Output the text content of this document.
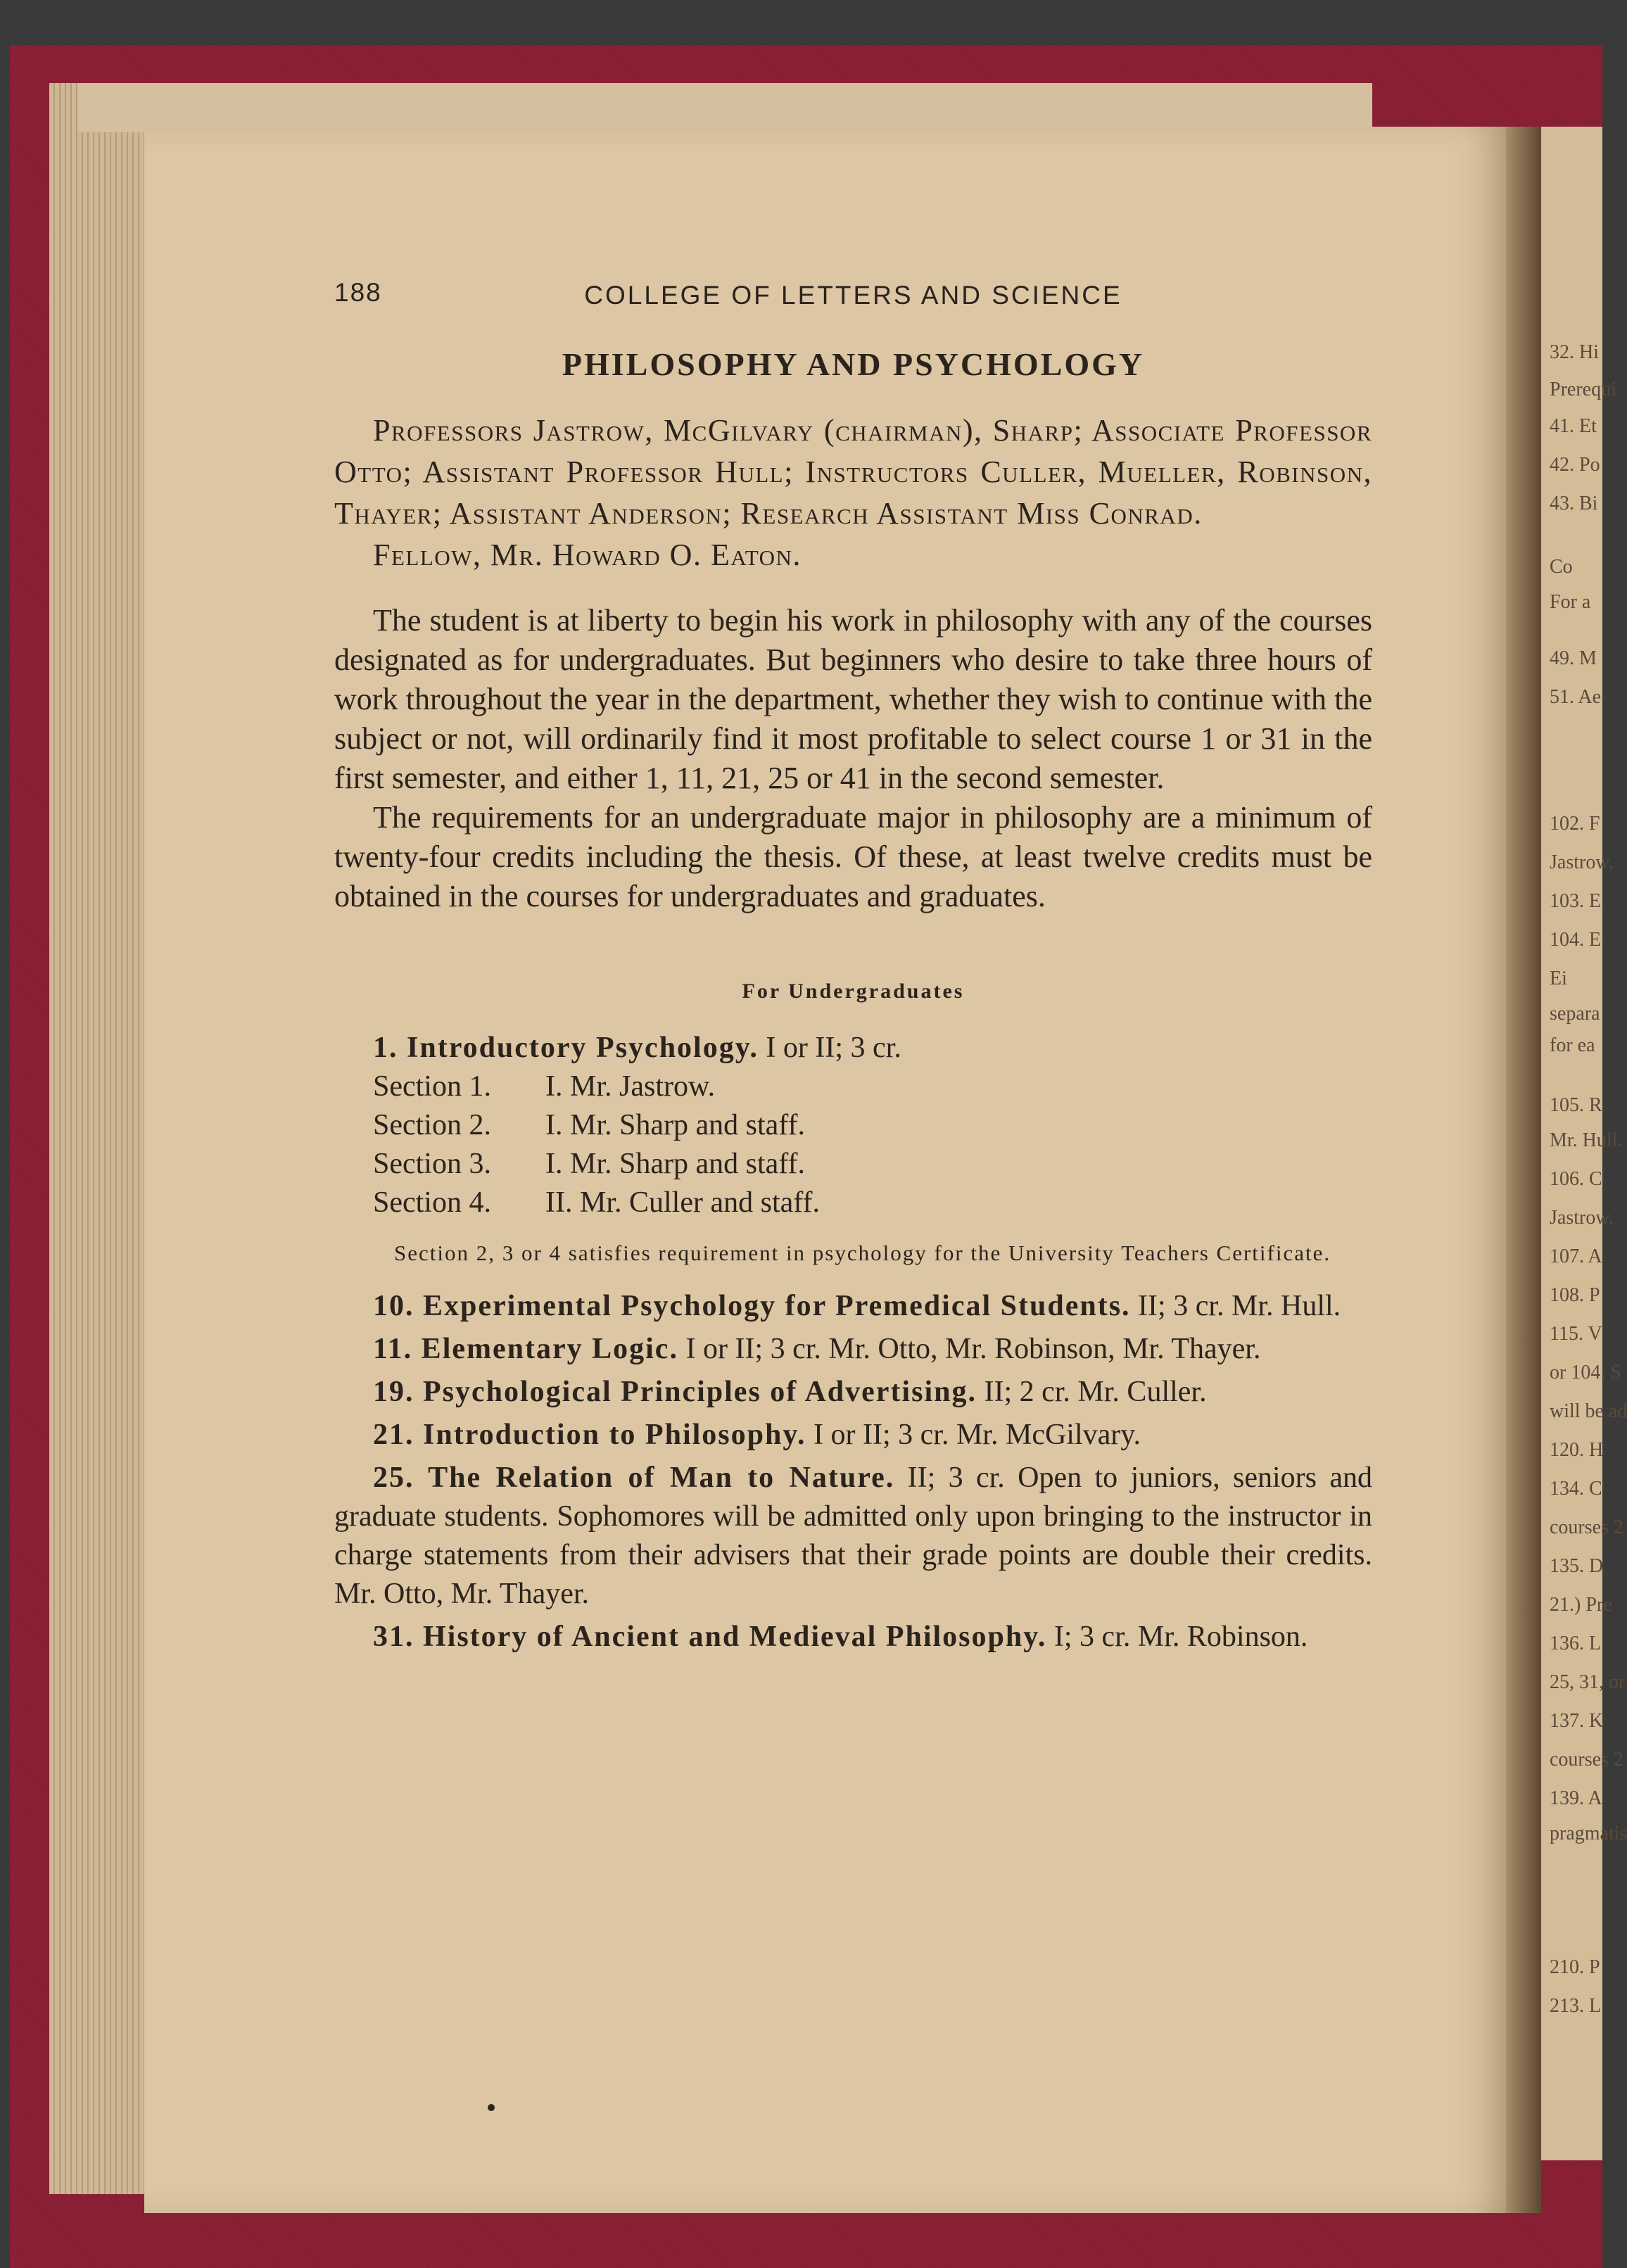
32. Hi
Prerequi
41. Et
42. Po
43. Bi
Co
For a
49. M
51. Ae
102. F
Jastrow.
103. E
104. E
Ei
separa
for ea
105. R
Mr. Hull.
106. C
Jastrow.
107. A
108. P
115. V
or 104. S
will be ad
120. H
134. C
courses 2
135. D
21.) Pre
136. L
25, 31, or
137. K
courses 2
139. A
pragmatis
210. P
213. L
188	COLLEGE OF LETTERS AND SCIENCE
PHILOSOPHY AND PSYCHOLOGY

Professors Jastrow, McGilvary (chairman), Sharp; Associate Professor Otto; Assistant Professor Hull; Instructors Culler, Mueller, Robinson, Thayer; Assistant Anderson; Research Assistant Miss Conrad.

Fellow, Mr. Howard O. Eaton.

The student is at liberty to begin his work in philosophy with any of the courses designated as for undergraduates. But beginners who desire to take three hours of work throughout the year in the department, whether they wish to continue with the subject or not, will ordinarily find it most profitable to select course 1 or 31 in the first semester, and either 1, 11, 21, 25 or 41 in the second semester.

The requirements for an undergraduate major in philosophy are a minimum of twenty-four credits including the thesis. Of these, at least twelve credits must be obtained in the courses for undergraduates and graduates.

For Undergraduates

1. Introductory Psychology. I or II; 3 cr.

Section 1. I. Mr. Jastrow.

Section 2. I. Mr. Sharp and staff.

Section 3. I. Mr. Sharp and staff.

Section 4. II. Mr. Culler and staff.

Section 2, 3 or 4 satisfies requirement in psychology for the University Teachers Certificate.

10. Experimental Psychology for Premedical Students. II; 3 cr. Mr. Hull.

11. Elementary Logic. I or II; 3 cr. Mr. Otto, Mr. Robinson, Mr. Thayer.

19. Psychological Principles of Advertising. II; 2 cr. Mr. Culler.

21. Introduction to Philosophy. I or II; 3 cr. Mr. McGilvary.

25. The Relation of Man to Nature. II; 3 cr. Open to juniors, seniors and graduate students. Sophomores will be admitted only upon bringing to the instructor in charge statements from their advisers that their grade points are double their credits. Mr. Otto, Mr. Thayer.

31. History of Ancient and Medieval Philosophy. I; 3 cr. Mr. Robinson.
